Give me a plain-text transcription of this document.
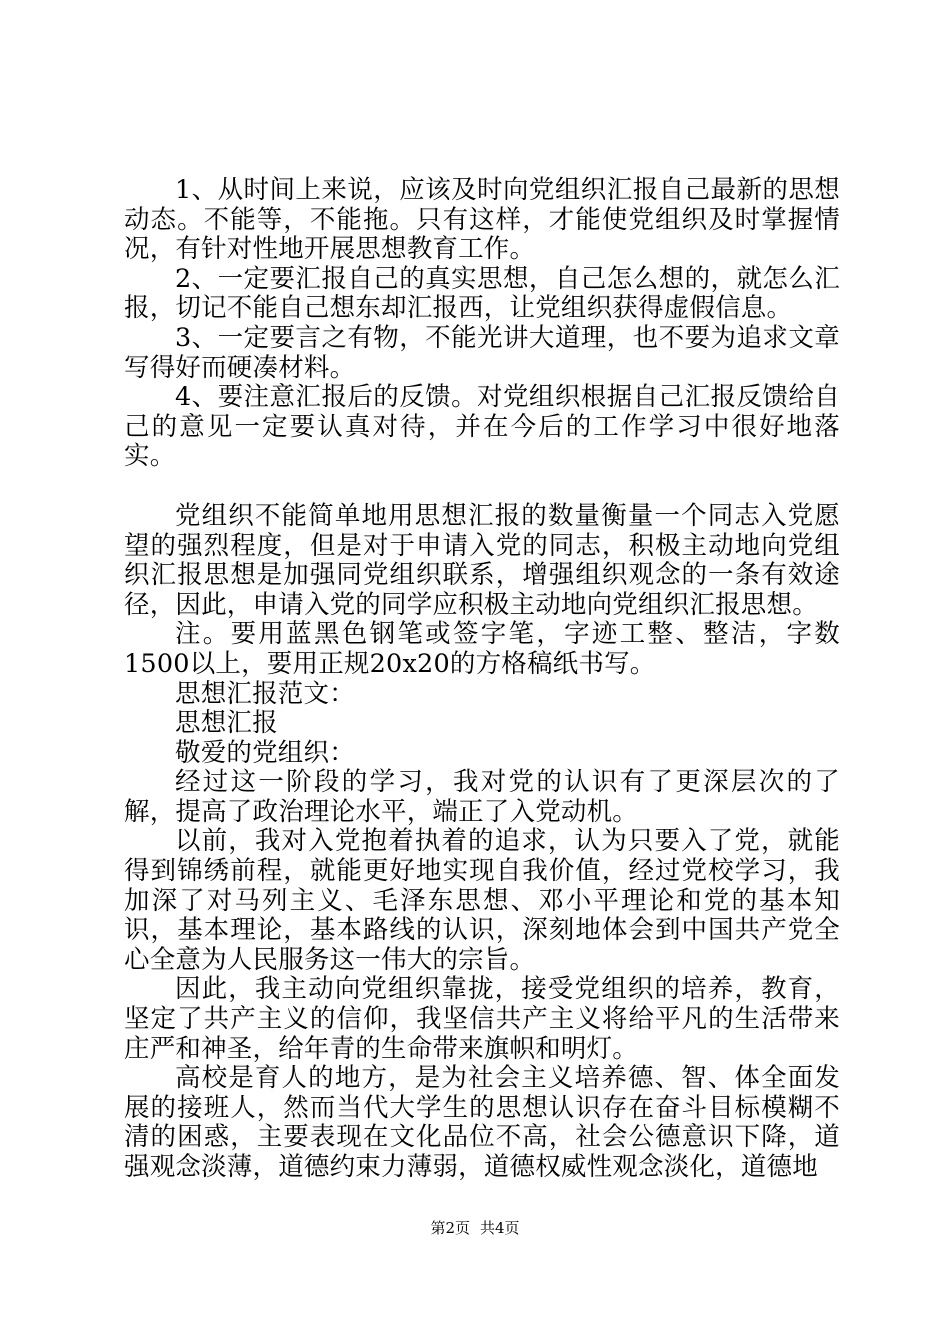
1、从时间上来说，应该及时向党组织汇报自己最新的思想动态。不能等，不能拖。只有这样，才能使党组织及时掌握情况，有针对性地开展思想教育工作。

2、一定要汇报自己的真实思想，自己怎么想的，就怎么汇报，切记不能自己想东却汇报西，让党组织获得虚假信息。

3、一定要言之有物，不能光讲大道理，也不要为追求文章写得好而硬凑材料。

4、要注意汇报后的反馈。对党组织根据自己汇报反馈给自己的意见一定要认真对待，并在今后的工作学习中很好地落实。

党组织不能简单地用思想汇报的数量衡量一个同志入党愿望的强烈程度，但是对于申请入党的同志，积极主动地向党组织汇报思想是加强同党组织联系，增强组织观念的一条有效途径，因此，申请入党的同学应积极主动地向党组织汇报思想。

注。要用蓝黑色钢笔或签字笔，字迹工整、整洁，字数1500以上，要用正规20x20的方格稿纸书写。

思想汇报范文：

思想汇报

敬爱的党组织：

经过这一阶段的学习，我对党的认识有了更深层次的了解，提高了政治理论水平，端正了入党动机。

以前，我对入党抱着执着的追求，认为只要入了党，就能得到锦绣前程，就能更好地实现自我价值，经过党校学习，我加深了对马列主义、毛泽东思想、邓小平理论和党的基本知识，基本理论，基本路线的认识，深刻地体会到中国共产党全心全意为人民服务这一伟大的宗旨。

因此，我主动向党组织靠拢，接受党组织的培养，教育，坚定了共产主义的信仰，我坚信共产主义将给平凡的生活带来庄严和神圣，给年青的生命带来旗帜和明灯。

高校是育人的地方，是为社会主义培养德、智、体全面发展的接班人，然而当代大学生的思想认识存在奋斗目标模糊不清的困惑，主要表现在文化品位不高，社会公德意识下降，道强观念淡薄，道德约束力薄弱，道德权威性观念淡化，道德地

第2页 共4页
